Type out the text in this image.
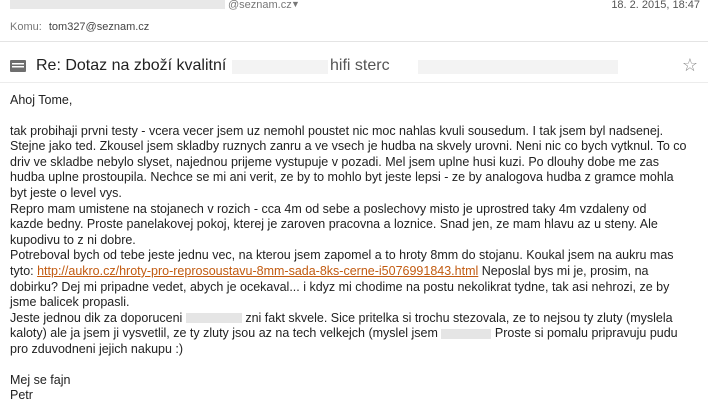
@seznam.cz ▼	18. 2. 2015, 18:47
Komu: tom327@seznam.cz
Re: Dotaz na zboží kvalitní	hifi sterc	☆

Ahoj Tome,

tak probihaji prvni testy - vcera vecer jsem uz nemohl poustet nic moc nahlas kvuli sousedum. I tak jsem byl nadsenej.

Stejne jako ted. Zkousel jsem skladby ruznych zanru a ve vsech je hudba na skvely urovni. Neni nic co bych vytknul. To co

driv ve skladbe nebylo slyset, najednou prijeme vystupuje v pozadi. Mel jsem uplne husi kuzi. Po dlouhy dobe me zas

hudba uplne prostoupila. Nechce se mi ani verit, ze by to mohlo byt jeste lepsi - ze by analogova hudba z gramce mohla

byt jeste o level vys.

Repro mam umistene na stojanech v rozich - cca 4m od sebe a poslechovy misto je uprostred taky 4m vzdaleny od

kazde bedny. Proste panelakovej pokoj, kterej je zaroven pracovna a loznice. Snad jen, ze mam hlavu az u steny. Ale

kupodivu to z ni dobre.

Potreboval bych od tebe jeste jednu vec, na kterou jsem zapomel a to hroty 8mm do stojanu. Koukal jsem na aukru mas

tyto: http://aukro.cz/hroty-pro-reprosoustavu-8mm-sada-8ks-cerne-i5076991843.html Neposlal bys mi je, prosim, na

dobirku? Dej mi pripadne vedet, abych je ocekaval... i kdyz mi chodime na postu nekolikrat tydne, tak asi nehrozi, ze by

jsme balicek propasli.

Jeste jednou dik za doporuceni	zni fakt skvele. Sice pritelka si trochu stezovala, ze to nejsou ty zluty (myslela

kaloty) ale ja jsem ji vysvetlil, ze ty zluty jsou az na tech velkejch (myslel jsem	Proste si pomalu pripravuju pudu

pro zduvodneni jejich nakupu :)

Mej se fajn

Petr
